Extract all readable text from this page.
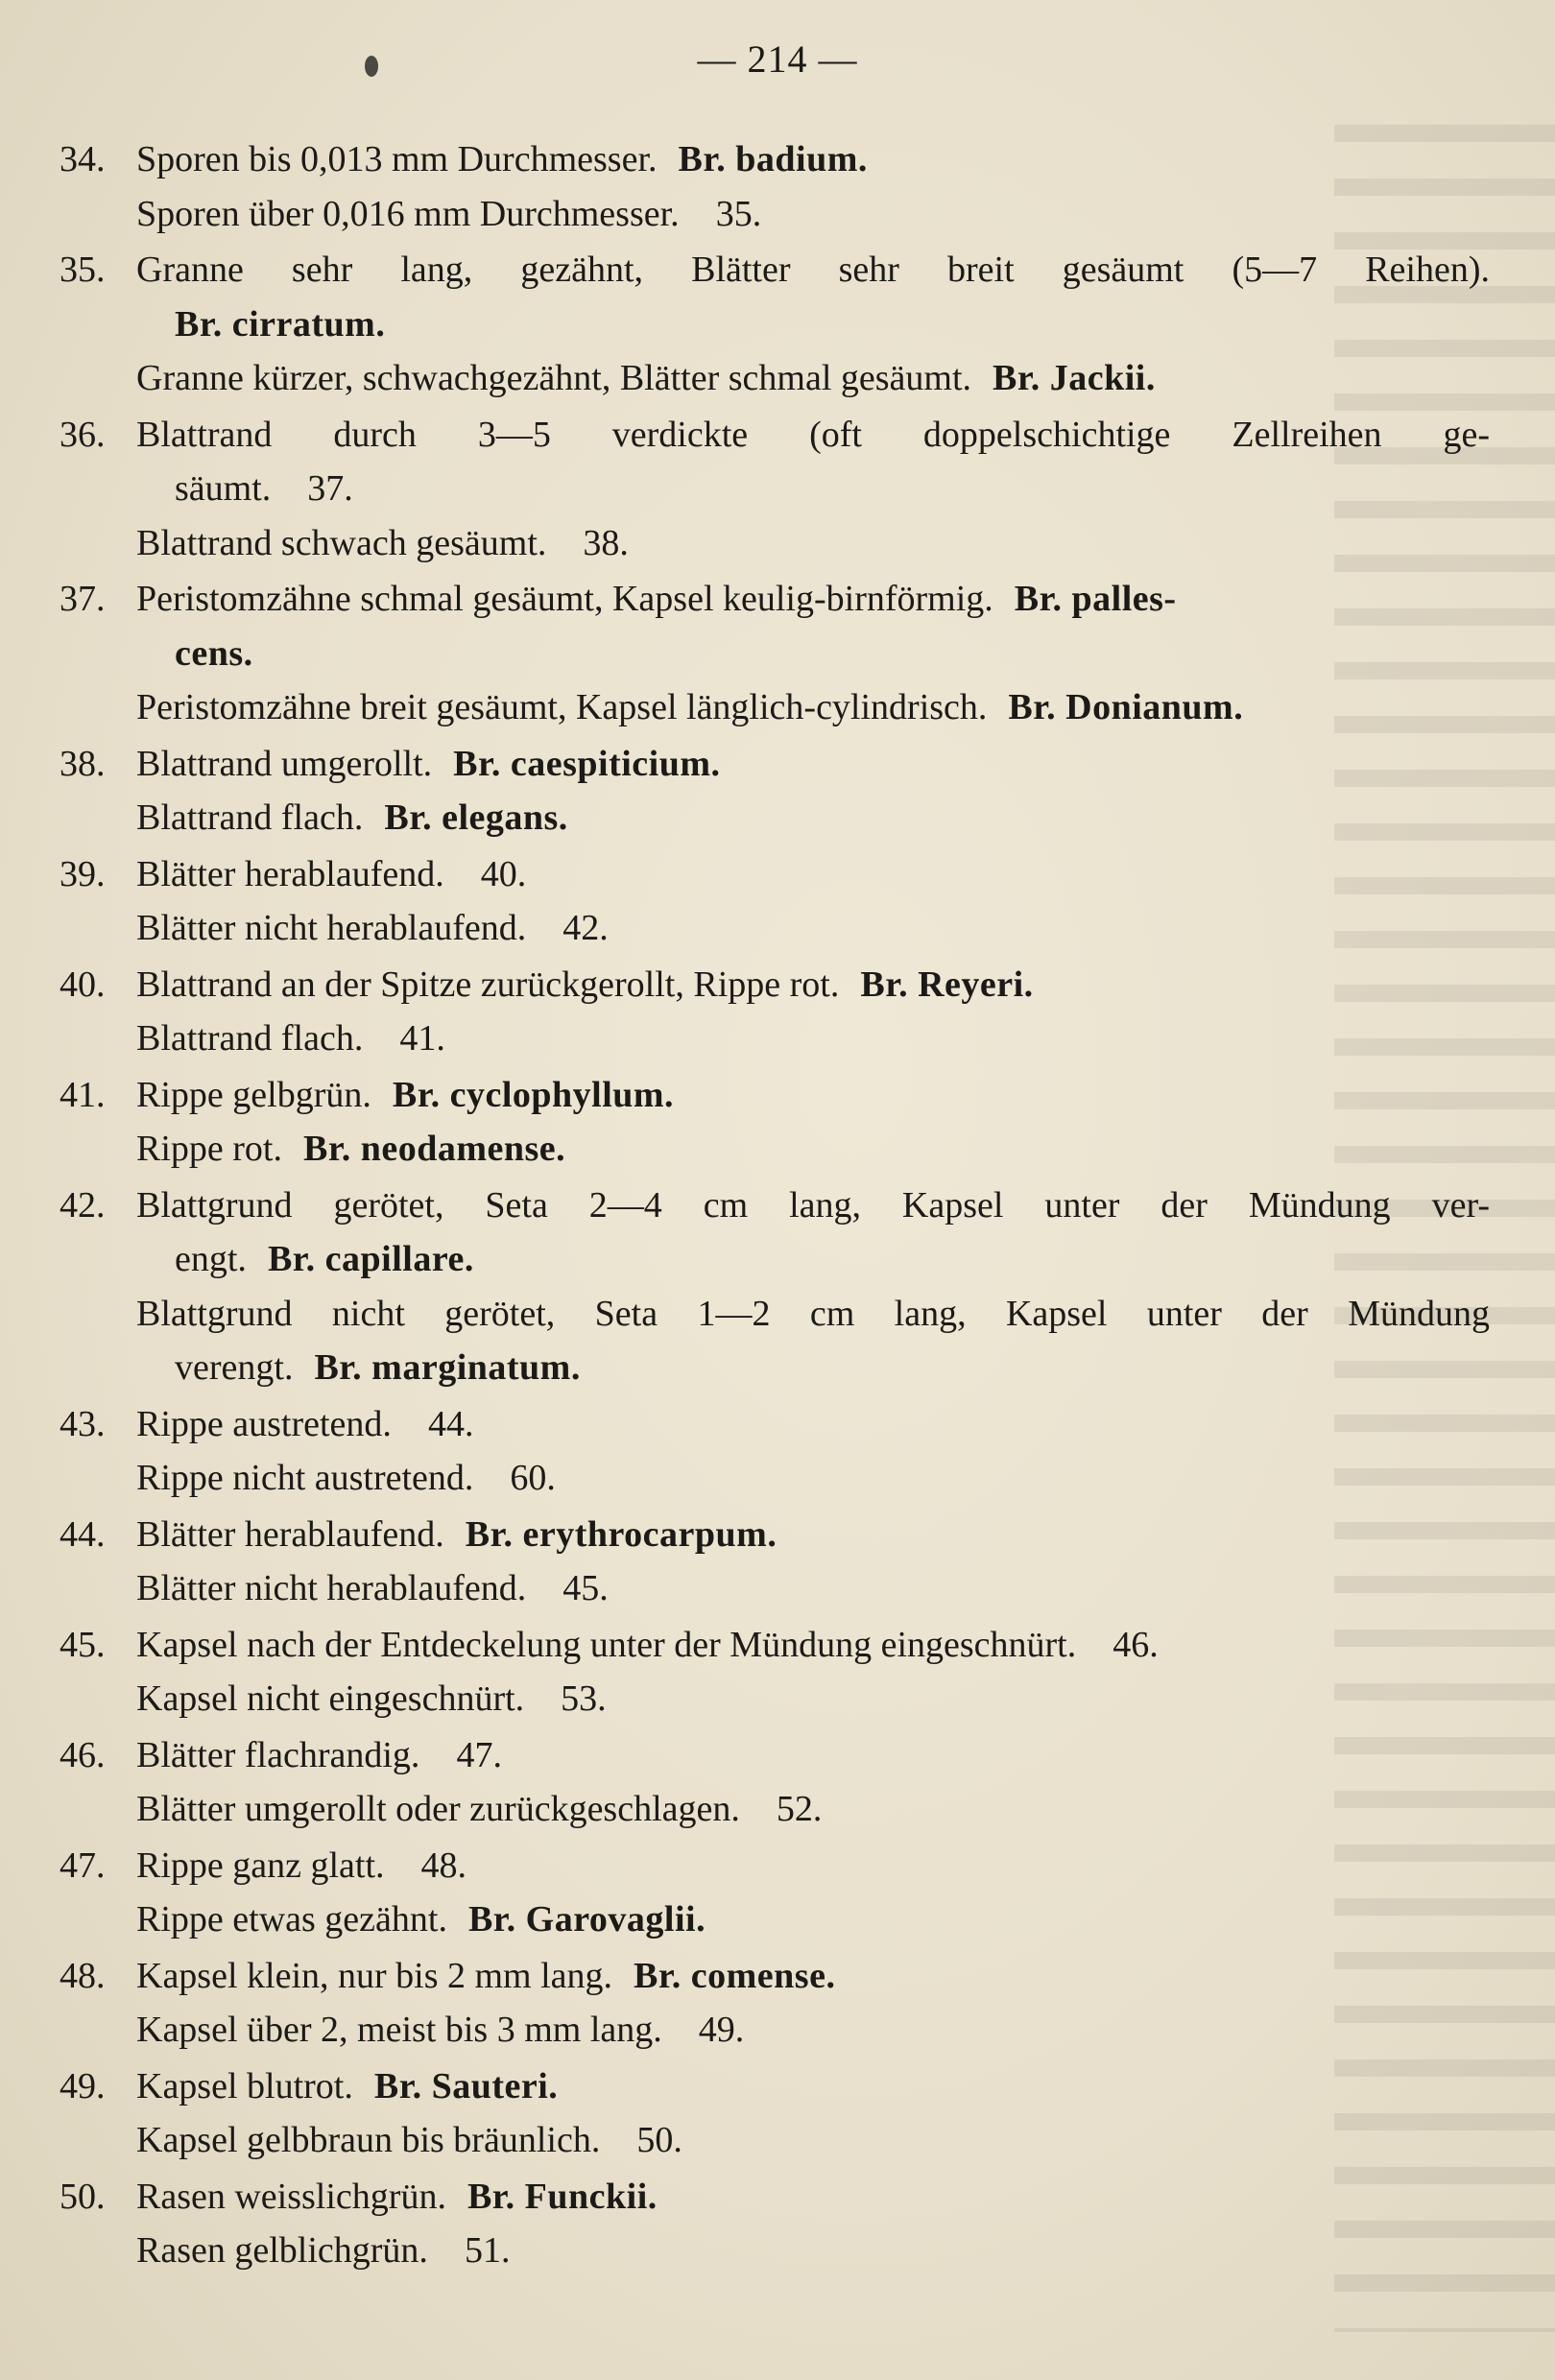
— 214 —
34. Sporen bis 0,013 mm Durchmesser. Br. badium.
Sporen über 0,016 mm Durchmesser. 35.
35. Granne sehr lang, gezähnt, Blätter sehr breit gesäumt (5—7 Reihen).
Br. cirratum.
Granne kürzer, schwachgezähnt, Blätter schmal gesäumt. Br. Jackii.
36. Blattrand durch 3—5 verdickte (oft doppelschichtige Zellreihen ge-
säumt. 37.
Blattrand schwach gesäumt. 38.
37. Peristomzähne schmal gesäumt, Kapsel keulig-birnförmig. Br. palles-
cens.
Peristomzähne breit gesäumt, Kapsel länglich-cylindrisch. Br. Donianum.
38. Blattrand umgerollt. Br. caespiticium.
Blattrand flach. Br. elegans.
39. Blätter herablaufend. 40.
Blätter nicht herablaufend. 42.
40. Blattrand an der Spitze zurückgerollt, Rippe rot. Br. Reyeri.
Blattrand flach. 41.
41. Rippe gelbgrün. Br. cyclophyllum.
Rippe rot. Br. neodamense.
42. Blattgrund gerötet, Seta 2—4 cm lang, Kapsel unter der Mündung ver-
engt. Br. capillare.
Blattgrund nicht gerötet, Seta 1—2 cm lang, Kapsel unter der Mündung
verengt. Br. marginatum.
43. Rippe austretend. 44.
Rippe nicht austretend. 60.
44. Blätter herablaufend. Br. erythrocarpum.
Blätter nicht herablaufend. 45.
45. Kapsel nach der Entdeckelung unter der Mündung eingeschnürt. 46.
Kapsel nicht eingeschnürt. 53.
46. Blätter flachrandig. 47.
Blätter umgerollt oder zurückgeschlagen. 52.
47. Rippe ganz glatt. 48.
Rippe etwas gezähnt. Br. Garovaglii.
48. Kapsel klein, nur bis 2 mm lang. Br. comense.
Kapsel über 2, meist bis 3 mm lang. 49.
49. Kapsel blutrot. Br. Sauteri.
Kapsel gelbbraun bis bräunlich. 50.
50. Rasen weisslichgrün. Br. Funckii.
Rasen gelblichgrün. 51.
